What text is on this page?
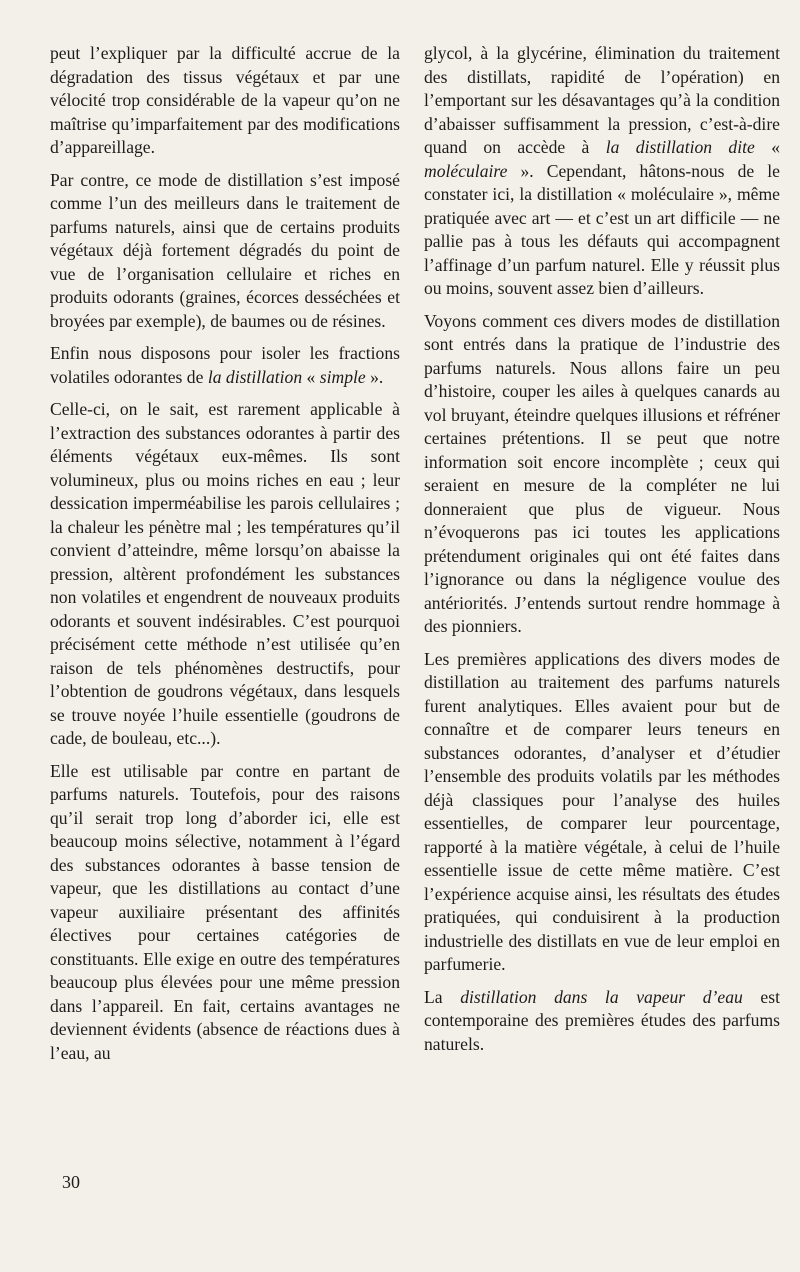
peut l’expliquer par la difficulté accrue de la dégradation des tissus végétaux et par une vélocité trop considérable de la vapeur qu’on ne maîtrise qu’imparfaitement par des modifications d’appareillage.

Par contre, ce mode de distillation s’est imposé comme l’un des meilleurs dans le traitement de parfums naturels, ainsi que de certains produits végétaux déjà fortement dégradés du point de vue de l’organisation cellulaire et riches en produits odorants (graines, écorces desséchées et broyées par exemple), de baumes ou de résines.

Enfin nous disposons pour isoler les fractions volatiles odorantes de la distillation « simple ».

Celle-ci, on le sait, est rarement applicable à l’extraction des substances odorantes à partir des éléments végétaux eux-mêmes. Ils sont volumineux, plus ou moins riches en eau ; leur dessication imperméabilise les parois cellulaires ; la chaleur les pénètre mal ; les températures qu’il convient d’atteindre, même lorsqu’on abaisse la pression, altèrent profondément les substances non volatiles et engendrent de nouveaux produits odorants et souvent indésirables. C’est pourquoi précisément cette méthode n’est utilisée qu’en raison de tels phénomènes destructifs, pour l’obtention de goudrons végétaux, dans lesquels se trouve noyée l’huile essentielle (goudrons de cade, de bouleau, etc...).

Elle est utilisable par contre en partant de parfums naturels. Toutefois, pour des raisons qu’il serait trop long d’aborder ici, elle est beaucoup moins sélective, notamment à l’égard des substances odorantes à basse tension de vapeur, que les distillations au contact d’une vapeur auxiliaire présentant des affinités électives pour certaines catégories de constituants. Elle exige en outre des températures beaucoup plus élevées pour une même pression dans l’appareil. En fait, certains avantages ne deviennent évidents (absence de réactions dues à l’eau, au

glycol, à la glycérine, élimination du traitement des distillats, rapidité de l’opération) en l’emportant sur les désavantages qu’à la condition d’abaisser suffisamment la pression, c’est-à-dire quand on accède à la distillation dite « moléculaire ». Cependant, hâtons-nous de le constater ici, la distillation « moléculaire », même pratiquée avec art — et c’est un art difficile — ne pallie pas à tous les défauts qui accompagnent l’affinage d’un parfum naturel. Elle y réussit plus ou moins, souvent assez bien d’ailleurs.

Voyons comment ces divers modes de distillation sont entrés dans la pratique de l’industrie des parfums naturels. Nous allons faire un peu d’histoire, couper les ailes à quelques canards au vol bruyant, éteindre quelques illusions et réfréner certaines prétentions. Il se peut que notre information soit encore incomplète ; ceux qui seraient en mesure de la compléter ne lui donneraient que plus de vigueur. Nous n’évoquerons pas ici toutes les applications prétendument originales qui ont été faites dans l’ignorance ou dans la négligence voulue des antériorités. J’entends surtout rendre hommage à des pionniers.

Les premières applications des divers modes de distillation au traitement des parfums naturels furent analytiques. Elles avaient pour but de connaître et de comparer leurs teneurs en substances odorantes, d’analyser et d’étudier l’ensemble des produits volatils par les méthodes déjà classiques pour l’analyse des huiles essentielles, de comparer leur pourcentage, rapporté à la matière végétale, à celui de l’huile essentielle issue de cette même matière. C’est l’expérience acquise ainsi, les résultats des études pratiquées, qui conduisirent à la production industrielle des distillats en vue de leur emploi en parfumerie.

La distillation dans la vapeur d’eau est contemporaine des premières études des parfums naturels.

30
